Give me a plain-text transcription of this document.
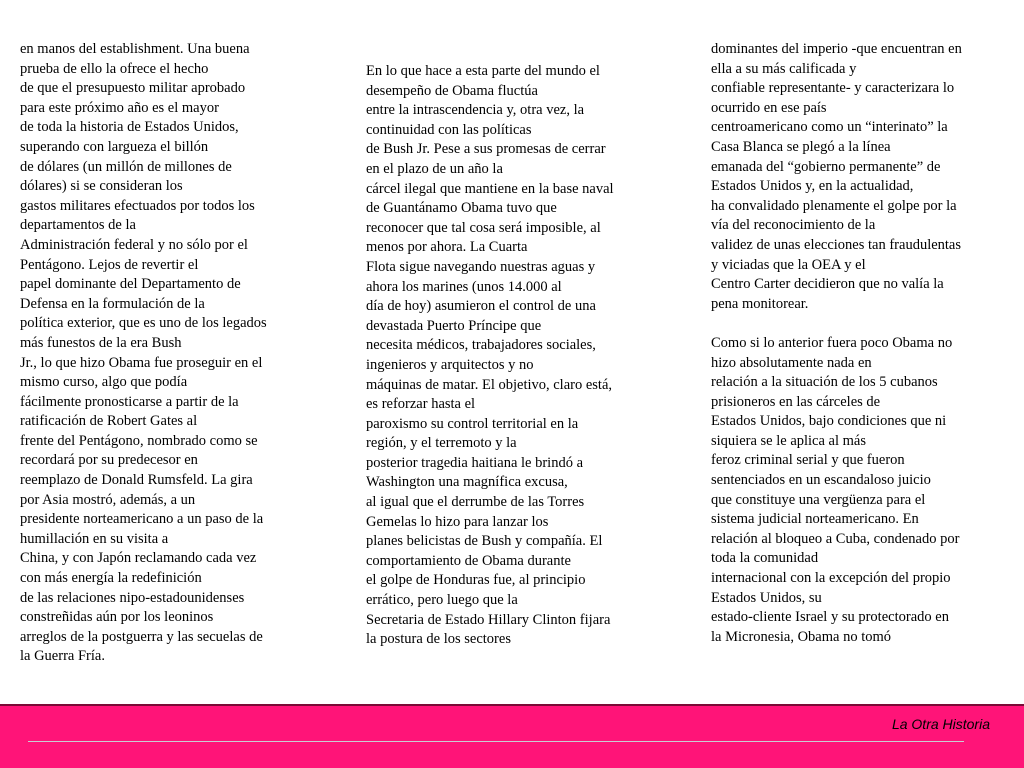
en manos del establishment. Una buena
prueba de ello la ofrece el hecho
de que el presupuesto militar aprobado
para este próximo año es el mayor
de toda la historia de Estados Unidos,
superando con largueza el billón
de dólares (un millón de millones de
dólares) si se consideran los
gastos militares efectuados por todos los
departamentos de la
Administración federal y no sólo por el
Pentágono. Lejos de revertir el
papel dominante del Departamento de
Defensa en la formulación de la
política exterior, que es uno de los legados
más funestos de la era Bush
Jr., lo que hizo Obama fue proseguir en el
mismo curso, algo que podía
fácilmente pronosticarse a partir de la
ratificación de Robert Gates al
frente del Pentágono, nombrado como se
recordará por su predecesor en
reemplazo de Donald Rumsfeld. La gira
por Asia mostró, además, a un
presidente norteamericano a un paso de la
humillación en su visita a
China, y con Japón reclamando cada vez
con más energía la redefinición
de las relaciones nipo-estadounidenses
constreñidas aún por los leoninos
arreglos de la postguerra y las secuelas de
la Guerra Fría.
En lo que hace a esta parte del mundo el
desempeño de Obama fluctúa
entre la intrascendencia y, otra vez, la
continuidad con las políticas
de Bush Jr. Pese a sus promesas de cerrar
en el plazo de un año la
cárcel ilegal que mantiene en la base naval
de Guantánamo Obama tuvo que
reconocer que tal cosa será imposible, al
menos por ahora. La Cuarta
Flota sigue navegando nuestras aguas y
ahora los marines (unos 14.000 al
día de hoy) asumieron el control de una
devastada Puerto Príncipe que
necesita médicos, trabajadores sociales,
ingenieros y arquitectos y no
máquinas de matar. El objetivo, claro está,
es reforzar hasta el
paroxismo su control territorial en la
región, y el terremoto y la
posterior tragedia haitiana le brindó a
Washington una magnífica excusa,
al igual que el derrumbe de las Torres
Gemelas lo hizo para lanzar los
planes belicistas de Bush y compañía. El
comportamiento de Obama durante
el golpe de Honduras fue, al principio
errático, pero luego que la
Secretaria de Estado Hillary Clinton fijara
la postura de los sectores
dominantes del imperio -que encuentran en
ella a su más calificada y
confiable representante- y caracterizara lo
ocurrido en ese país
centroamericano como un “interinato” la
Casa Blanca se plegó a la línea
emanada del “gobierno permanente” de
Estados Unidos y, en la actualidad,
ha convalidado plenamente el golpe por la
vía del reconocimiento de la
validez de unas elecciones tan fraudulentas
y viciadas que la OEA y el
Centro Carter decidieron que no valía la
pena monitorear.
Como si lo anterior fuera poco Obama no
hizo absolutamente nada en
relación a la situación de los 5 cubanos
prisioneros en las cárceles de
Estados Unidos, bajo condiciones que ni
siquiera se le aplica al más
feroz criminal serial y que fueron
sentenciados en un escandaloso juicio
que constituye una vergüenza para el
sistema judicial norteamericano. En
relación al bloqueo a Cuba, condenado por
toda la comunidad
internacional con la excepción del propio
Estados Unidos, su
estado-cliente Israel y su protectorado en
la Micronesia, Obama no tomó
La Otra Historia
